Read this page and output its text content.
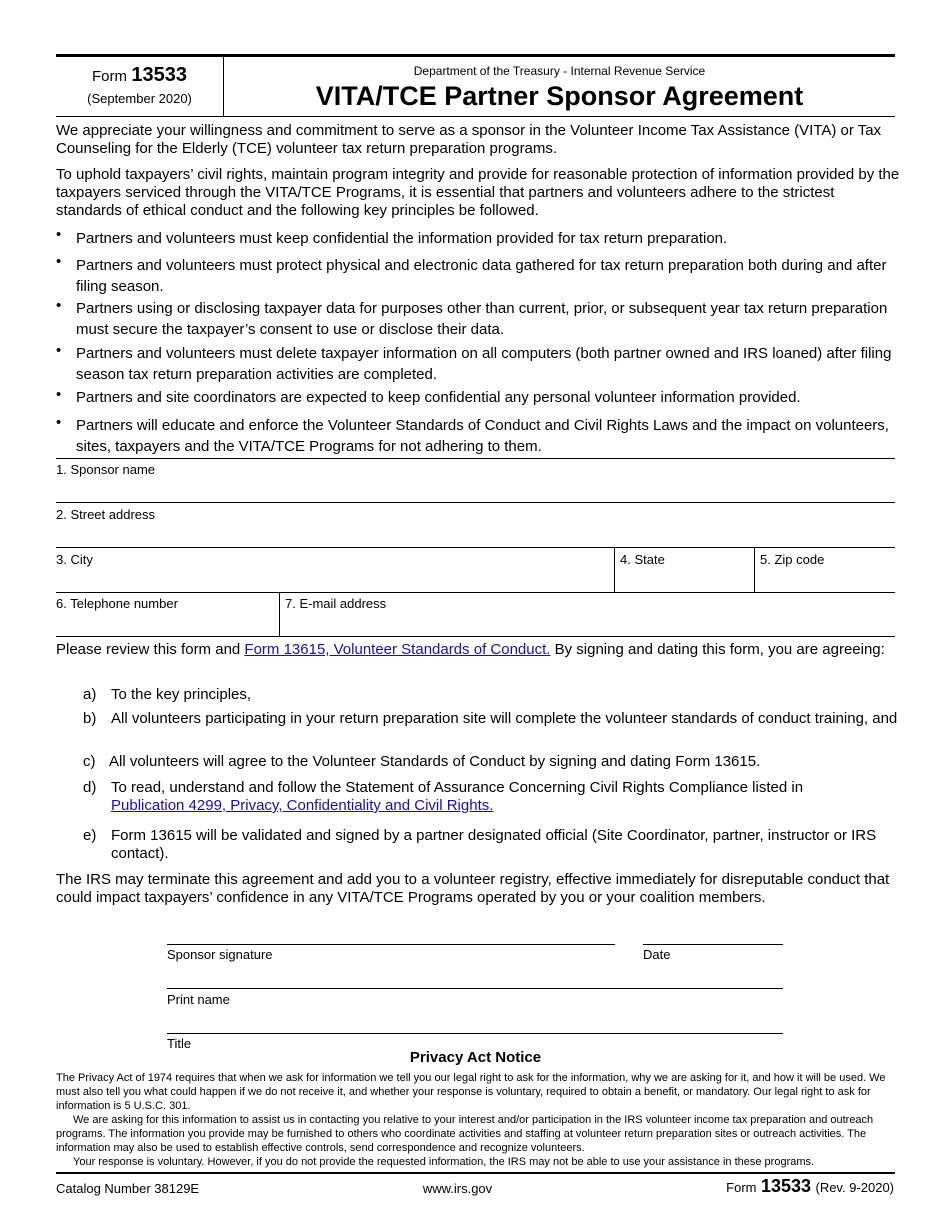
Form 13533
(September 2020)
Department of the Treasury - Internal Revenue Service
VITA/TCE Partner Sponsor Agreement
We appreciate your willingness and commitment to serve as a sponsor in the Volunteer Income Tax Assistance (VITA) or Tax Counseling for the Elderly (TCE) volunteer tax return preparation programs.
To uphold taxpayers’ civil rights, maintain program integrity and provide for reasonable protection of information provided by the taxpayers serviced through the VITA/TCE Programs, it is essential that partners and volunteers adhere to the strictest standards of ethical conduct and the following key principles be followed.
• Partners and volunteers must keep confidential the information provided for tax return preparation.
• Partners and volunteers must protect physical and electronic data gathered for tax return preparation both during and after filing season.
• Partners using or disclosing taxpayer data for purposes other than current, prior, or subsequent year tax return preparation must secure the taxpayer’s consent to use or disclose their data.
• Partners and volunteers must delete taxpayer information on all computers (both partner owned and IRS loaned) after filing season tax return preparation activities are completed.
• Partners and site coordinators are expected to keep confidential any personal volunteer information provided.
• Partners will educate and enforce the Volunteer Standards of Conduct and Civil Rights Laws and the impact on volunteers, sites, taxpayers and the VITA/TCE Programs for not adhering to them.
1. Sponsor name
2. Street address
3. City	4. State	5. Zip code
6. Telephone number	7. E-mail address
Please review this form and Form 13615, Volunteer Standards of Conduct. By signing and dating this form, you are agreeing:
a) To the key principles,
b) All volunteers participating in your return preparation site will complete the volunteer standards of conduct training, and
c) All volunteers will agree to the Volunteer Standards of Conduct by signing and dating Form 13615.
d) To read, understand and follow the Statement of Assurance Concerning Civil Rights Compliance listed in
Publication 4299, Privacy, Confidentiality and Civil Rights.
e) Form 13615 will be validated and signed by a partner designated official (Site Coordinator, partner, instructor or IRS contact).
The IRS may terminate this agreement and add you to a volunteer registry, effective immediately for disreputable conduct that could impact taxpayers’ confidence in any VITA/TCE Programs operated by you or your coalition members.
Sponsor signature	Date
Print name
Title
Privacy Act Notice
The Privacy Act of 1974 requires that when we ask for information we tell you our legal right to ask for the information, why we are asking for it, and how it will be used. We must also tell you what could happen if we do not receive it, and whether your response is voluntary, required to obtain a benefit, or mandatory. Our legal right to ask for information is 5 U.S.C. 301.
We are asking for this information to assist us in contacting you relative to your interest and/or participation in the IRS volunteer income tax preparation and outreach programs. The information you provide may be furnished to others who coordinate activities and staffing at volunteer return preparation sites or outreach activities. The information may also be used to establish effective controls, send correspondence and recognize volunteers.
Your response is voluntary. However, if you do not provide the requested information, the IRS may not be able to use your assistance in these programs.
Catalog Number 38129E	www.irs.gov	Form 13533 (Rev. 9-2020)
